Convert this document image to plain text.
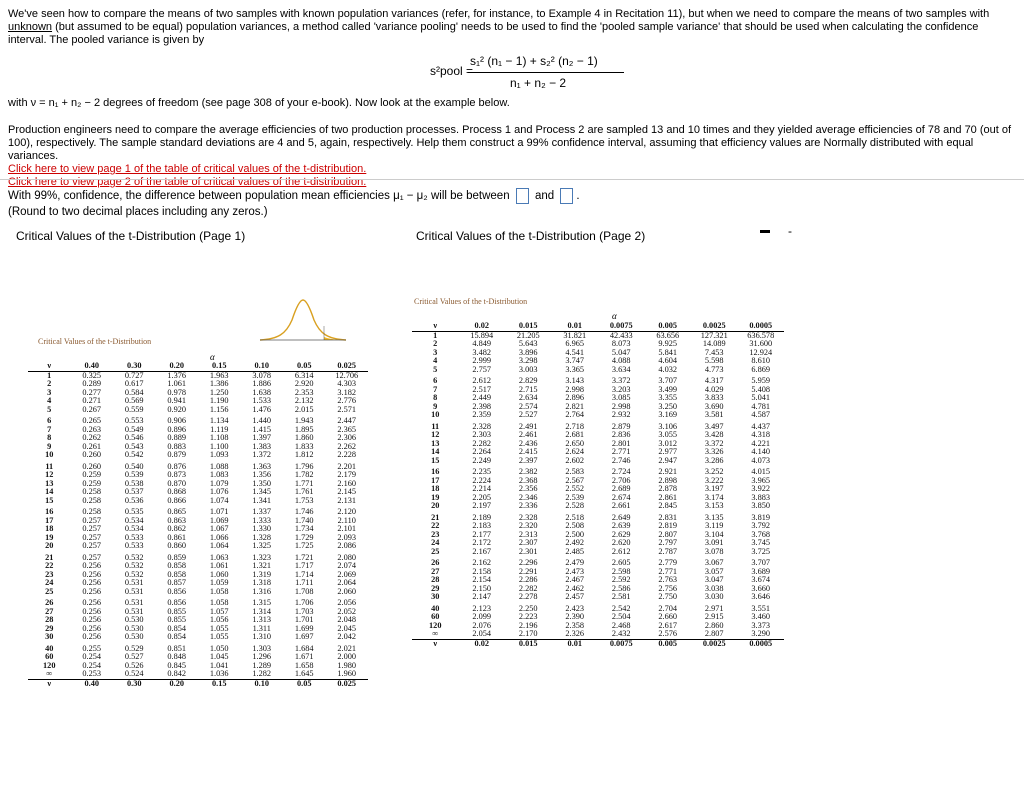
We've seen how to compare the means of two samples with known population variances (refer, for instance, to Example 4 in Recitation 11), but when we need to compare the means of two samples with unknown (but assumed to be equal) population variances, a method called 'variance pooling' needs to be used to find the 'pooled sample variance' that should be used when calculating the confidence interval. The pooled variance is given by
s²pool =
s₁² (n₁ − 1) + s₂² (n₂ − 1)
n₁ + n₂ − 2
with ν = n₁ + n₂ − 2 degrees of freedom (see page 308 of your e-book). Now look at the example below.
Production engineers need to compare the average efficiencies of two production processes. Process 1 and Process 2 are sampled 13 and 10 times and they yielded average efficiencies of 78 and 70 (out of 100), respectively. The sample standard deviations are 4 and 5, again, respectively. Help them construct a 99% confidence interval, assuming that efficiency values are Normally distributed with equal variances.
Click here to view page 1 of the table of critical values of the t-distribution.
Click here to view page 2 of the table of critical values of the t-distribution.
With 99%, confidence, the difference between population mean efficiencies μ₁ − μ₂ will be between and .
(Round to two decimal places including any zeros.)
Critical Values of the t-Distribution (Page 1)	Critical Values of the t-Distribution (Page 2)	-
Critical Values of the t-Distribution
α
ν	0.40	0.30	0.20	0.15	0.10	0.05	0.025
1	0.325	0.727	1.376	1.963	3.078	6.314	12.706
2	0.289	0.617	1.061	1.386	1.886	2.920	4.303
3	0.277	0.584	0.978	1.250	1.638	2.353	3.182
4	0.271	0.569	0.941	1.190	1.533	2.132	2.776
5	0.267	0.559	0.920	1.156	1.476	2.015	2.571
6	0.265	0.553	0.906	1.134	1.440	1.943	2.447
7	0.263	0.549	0.896	1.119	1.415	1.895	2.365
8	0.262	0.546	0.889	1.108	1.397	1.860	2.306
9	0.261	0.543	0.883	1.100	1.383	1.833	2.262
10	0.260	0.542	0.879	1.093	1.372	1.812	2.228
11	0.260	0.540	0.876	1.088	1.363	1.796	2.201
12	0.259	0.539	0.873	1.083	1.356	1.782	2.179
13	0.259	0.538	0.870	1.079	1.350	1.771	2.160
14	0.258	0.537	0.868	1.076	1.345	1.761	2.145
15	0.258	0.536	0.866	1.074	1.341	1.753	2.131
16	0.258	0.535	0.865	1.071	1.337	1.746	2.120
17	0.257	0.534	0.863	1.069	1.333	1.740	2.110
18	0.257	0.534	0.862	1.067	1.330	1.734	2.101
19	0.257	0.533	0.861	1.066	1.328	1.729	2.093
20	0.257	0.533	0.860	1.064	1.325	1.725	2.086
21	0.257	0.532	0.859	1.063	1.323	1.721	2.080
22	0.256	0.532	0.858	1.061	1.321	1.717	2.074
23	0.256	0.532	0.858	1.060	1.319	1.714	2.069
24	0.256	0.531	0.857	1.059	1.318	1.711	2.064
25	0.256	0.531	0.856	1.058	1.316	1.708	2.060
26	0.256	0.531	0.856	1.058	1.315	1.706	2.056
27	0.256	0.531	0.855	1.057	1.314	1.703	2.052
28	0.256	0.530	0.855	1.056	1.313	1.701	2.048
29	0.256	0.530	0.854	1.055	1.311	1.699	2.045
30	0.256	0.530	0.854	1.055	1.310	1.697	2.042
40	0.255	0.529	0.851	1.050	1.303	1.684	2.021
60	0.254	0.527	0.848	1.045	1.296	1.671	2.000
120	0.254	0.526	0.845	1.041	1.289	1.658	1.980
∞	0.253	0.524	0.842	1.036	1.282	1.645	1.960
ν	0.40	0.30	0.20	0.15	0.10	0.05	0.025
Critical Values of the t-Distribution
α
ν	0.02	0.015	0.01	0.0075	0.005	0.0025	0.0005
1	15.894	21.205	31.821	42.433	63.656	127.321	636.578
2	4.849	5.643	6.965	8.073	9.925	14.089	31.600
3	3.482	3.896	4.541	5.047	5.841	7.453	12.924
4	2.999	3.298	3.747	4.088	4.604	5.598	8.610
5	2.757	3.003	3.365	3.634	4.032	4.773	6.869
6	2.612	2.829	3.143	3.372	3.707	4.317	5.959
7	2.517	2.715	2.998	3.203	3.499	4.029	5.408
8	2.449	2.634	2.896	3.085	3.355	3.833	5.041
9	2.398	2.574	2.821	2.998	3.250	3.690	4.781
10	2.359	2.527	2.764	2.932	3.169	3.581	4.587
11	2.328	2.491	2.718	2.879	3.106	3.497	4.437
12	2.303	2.461	2.681	2.836	3.055	3.428	4.318
13	2.282	2.436	2.650	2.801	3.012	3.372	4.221
14	2.264	2.415	2.624	2.771	2.977	3.326	4.140
15	2.249	2.397	2.602	2.746	2.947	3.286	4.073
16	2.235	2.382	2.583	2.724	2.921	3.252	4.015
17	2.224	2.368	2.567	2.706	2.898	3.222	3.965
18	2.214	2.356	2.552	2.689	2.878	3.197	3.922
19	2.205	2.346	2.539	2.674	2.861	3.174	3.883
20	2.197	2.336	2.528	2.661	2.845	3.153	3.850
21	2.189	2.328	2.518	2.649	2.831	3.135	3.819
22	2.183	2.320	2.508	2.639	2.819	3.119	3.792
23	2.177	2.313	2.500	2.629	2.807	3.104	3.768
24	2.172	2.307	2.492	2.620	2.797	3.091	3.745
25	2.167	2.301	2.485	2.612	2.787	3.078	3.725
26	2.162	2.296	2.479	2.605	2.779	3.067	3.707
27	2.158	2.291	2.473	2.598	2.771	3.057	3.689
28	2.154	2.286	2.467	2.592	2.763	3.047	3.674
29	2.150	2.282	2.462	2.586	2.756	3.038	3.660
30	2.147	2.278	2.457	2.581	2.750	3.030	3.646
40	2.123	2.250	2.423	2.542	2.704	2.971	3.551
60	2.099	2.223	2.390	2.504	2.660	2.915	3.460
120	2.076	2.196	2.358	2.468	2.617	2.860	3.373
∞	2.054	2.170	2.326	2.432	2.576	2.807	3.290
ν	0.02	0.015	0.01	0.0075	0.005	0.0025	0.0005
